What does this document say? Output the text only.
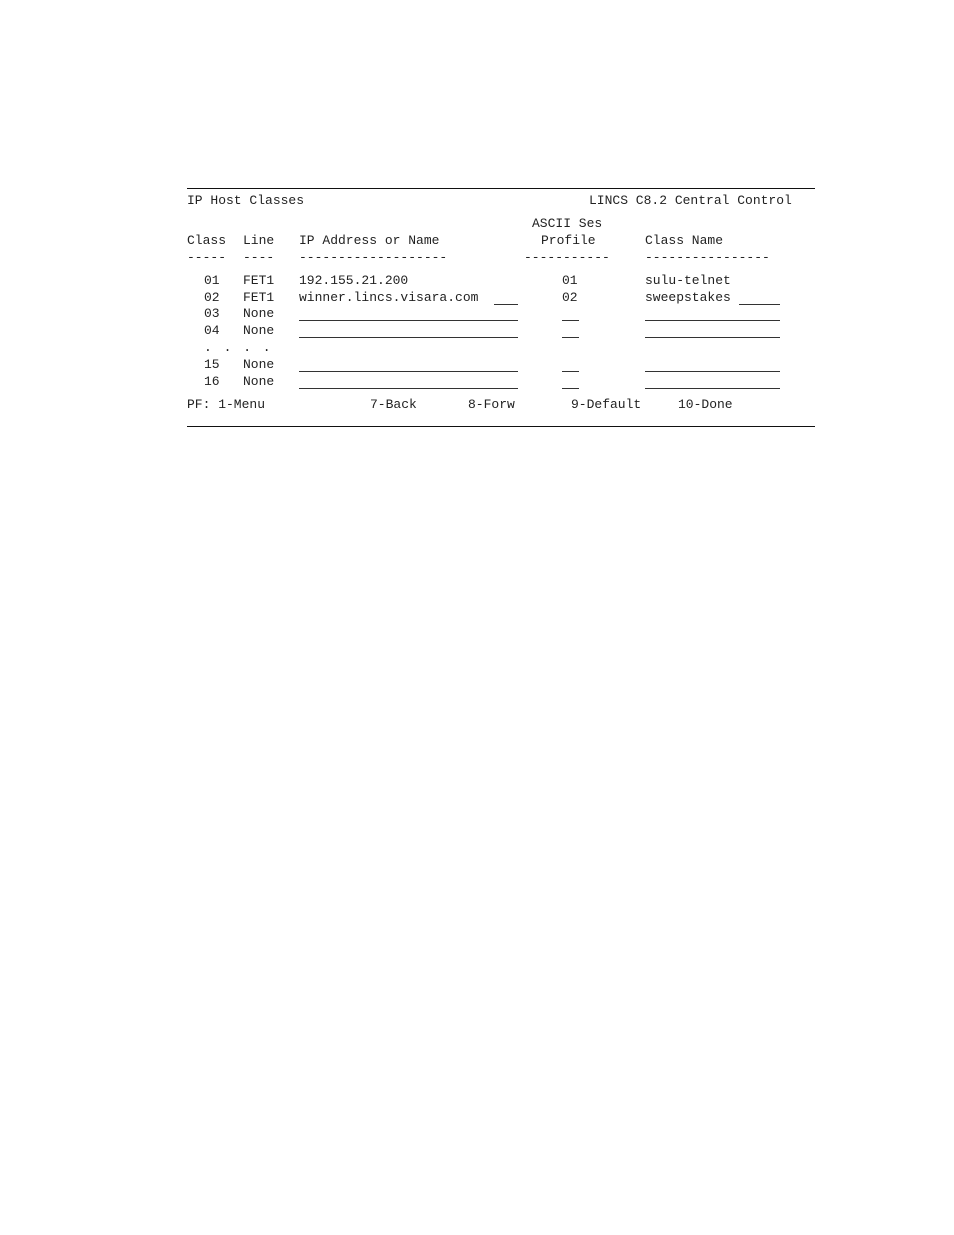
IP Host Classes	LINCS C8.2 Central Control
ASCII Ses
Class Line IP Address or Name	Profile	Class Name
----- ---- -------------------	-----------	----------------
01 FET1 192.155.21.200	01	sulu-telnet
02 FET1 winner.lincs.visara.com	02	sweepstakes
03 None
04 None
. . . .
15 None
16 None
PF: 1-Menu	7-Back	8-Forw	9-Default	10-Done
